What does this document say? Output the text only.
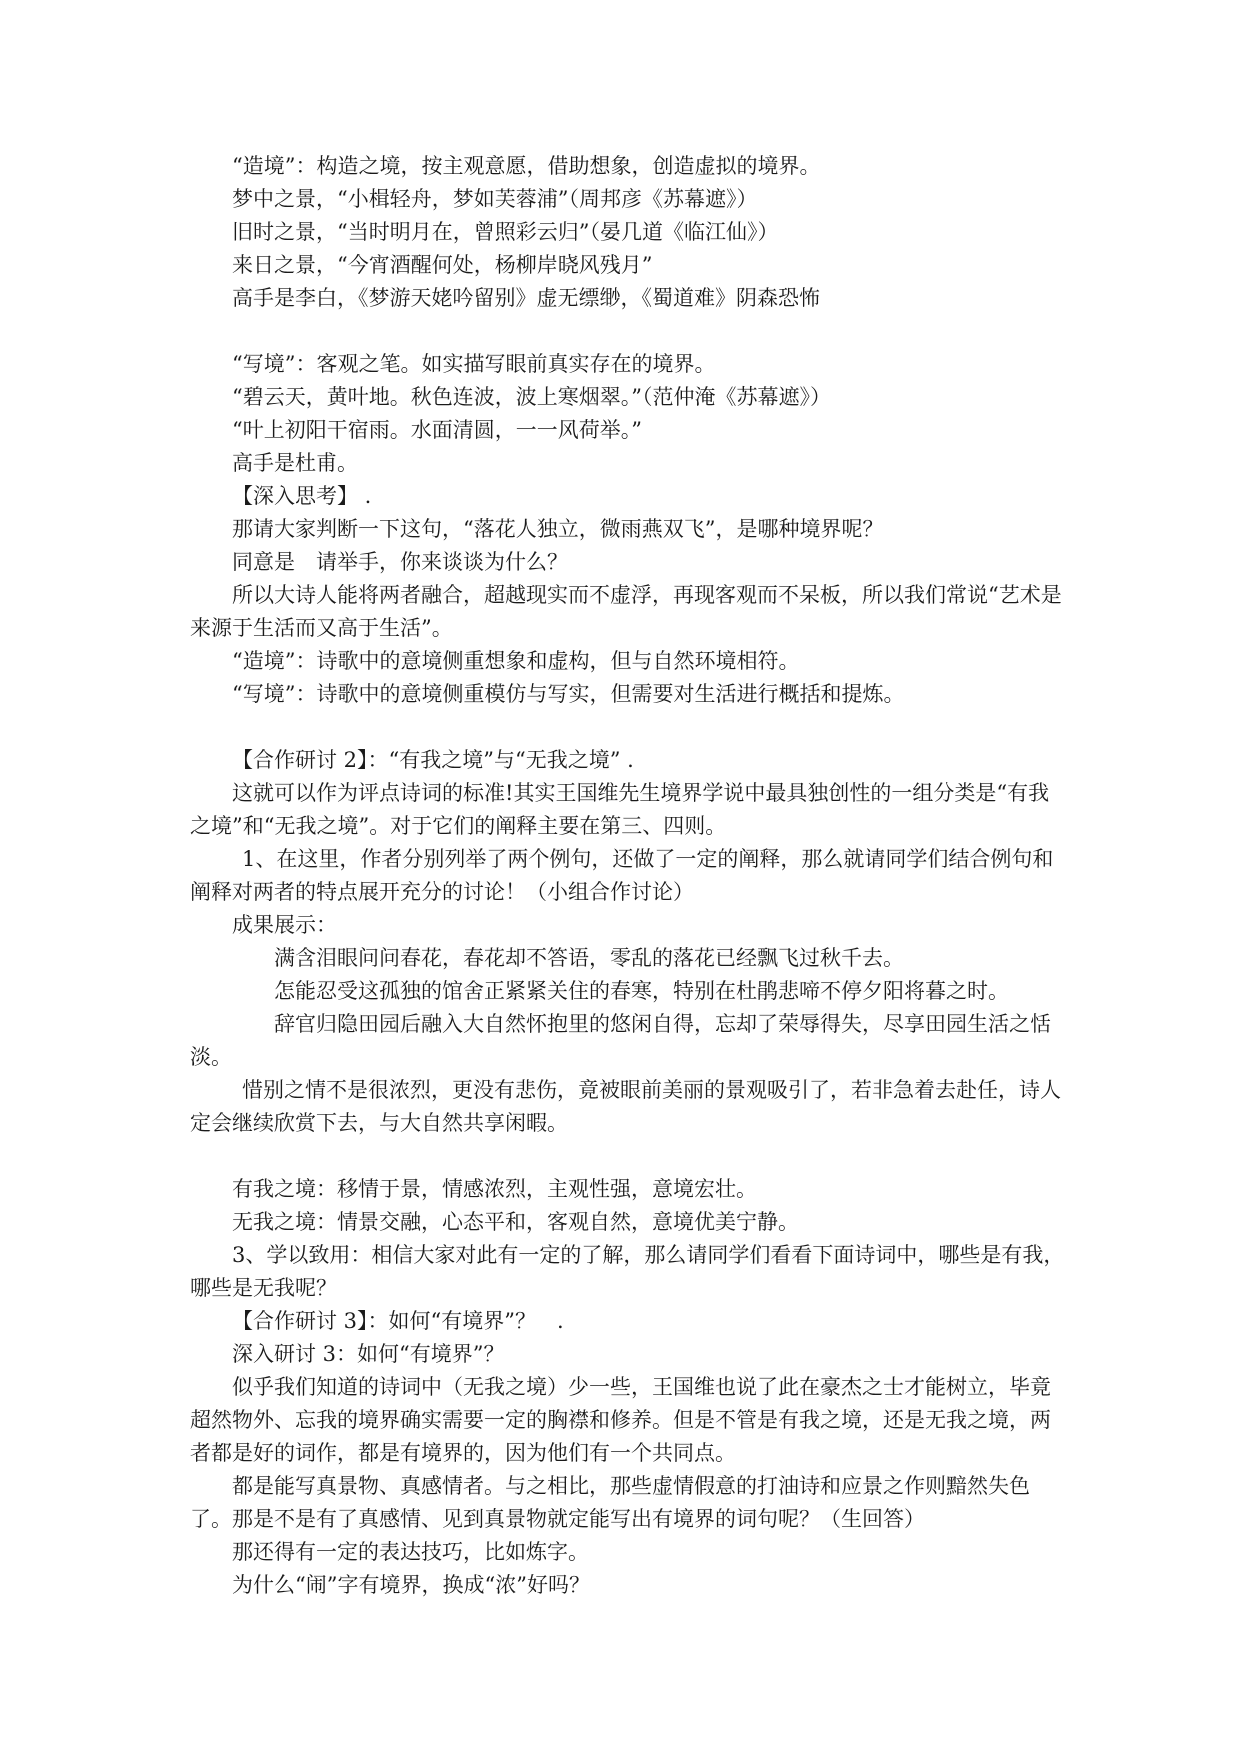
“造境”：构造之境，按主观意愿，借助想象，创造虚拟的境界。

梦中之景，“小楫轻舟，梦如芙蓉浦”（周邦彦《苏幕遮》）

旧时之景，“当时明月在，曾照彩云归”（晏几道《临江仙》）

来日之景，“今宵酒醒何处，杨柳岸晓风残月”

高手是李白，《梦游天姥吟留别》虚无缥缈，《蜀道难》阴森恐怖

“写境”：客观之笔。如实描写眼前真实存在的境界。

“碧云天，黄叶地。秋色连波，波上寒烟翠。”（范仲淹《苏幕遮》）

“叶上初阳干宿雨。水面清圆，一一风荷举。”

高手是杜甫。

【深入思考】 .

那请大家判断一下这句，“落花人独立，微雨燕双飞”，是哪种境界呢？

同意是　请举手，你来谈谈为什么？

所以大诗人能将两者融合，超越现实而不虚浮，再现客观而不呆板，所以我们常说“艺术是来源于生活而又高于生活”。

“造境”：诗歌中的意境侧重想象和虚构，但与自然环境相符。

“写境”：诗歌中的意境侧重模仿与写实，但需要对生活进行概括和提炼。

【合作研讨 2】：“有我之境”与“无我之境” .

这就可以作为评点诗词的标准!其实王国维先生境界学说中最具独创性的一组分类是“有我之境”和“无我之境”。对于它们的阐释主要在第三、四则。

1、在这里，作者分别列举了两个例句，还做了一定的阐释，那么就请同学们结合例句和阐释对两者的特点展开充分的讨论！（小组合作讨论）

成果展示：

满含泪眼问问春花，春花却不答语，零乱的落花已经飘飞过秋千去。

怎能忍受这孤独的馆舍正紧紧关住的春寒，特别在杜鹃悲啼不停夕阳将暮之时。

辞官归隐田园后融入大自然怀抱里的悠闲自得，忘却了荣辱得失，尽享田园生活之恬淡。

惜别之情不是很浓烈，更没有悲伤，竟被眼前美丽的景观吸引了，若非急着去赴任，诗人定会继续欣赏下去，与大自然共享闲暇。

有我之境：移情于景，情感浓烈，主观性强，意境宏壮。

无我之境：情景交融，心态平和，客观自然，意境优美宁静。

3、学以致用：相信大家对此有一定的了解，那么请同学们看看下面诗词中，哪些是有我，哪些是无我呢？

【合作研讨 3】：如何“有境界”？　.

深入研讨 3：如何“有境界”？

似乎我们知道的诗词中（无我之境）少一些，王国维也说了此在豪杰之士才能树立，毕竟超然物外、忘我的境界确实需要一定的胸襟和修养。但是不管是有我之境，还是无我之境，两者都是好的词作，都是有境界的，因为他们有一个共同点。

都是能写真景物、真感情者。与之相比，那些虚情假意的打油诗和应景之作则黯然失色了。那是不是有了真感情、见到真景物就定能写出有境界的词句呢？（生回答）

那还得有一定的表达技巧，比如炼字。

为什么“闹”字有境界，换成“浓”好吗？
